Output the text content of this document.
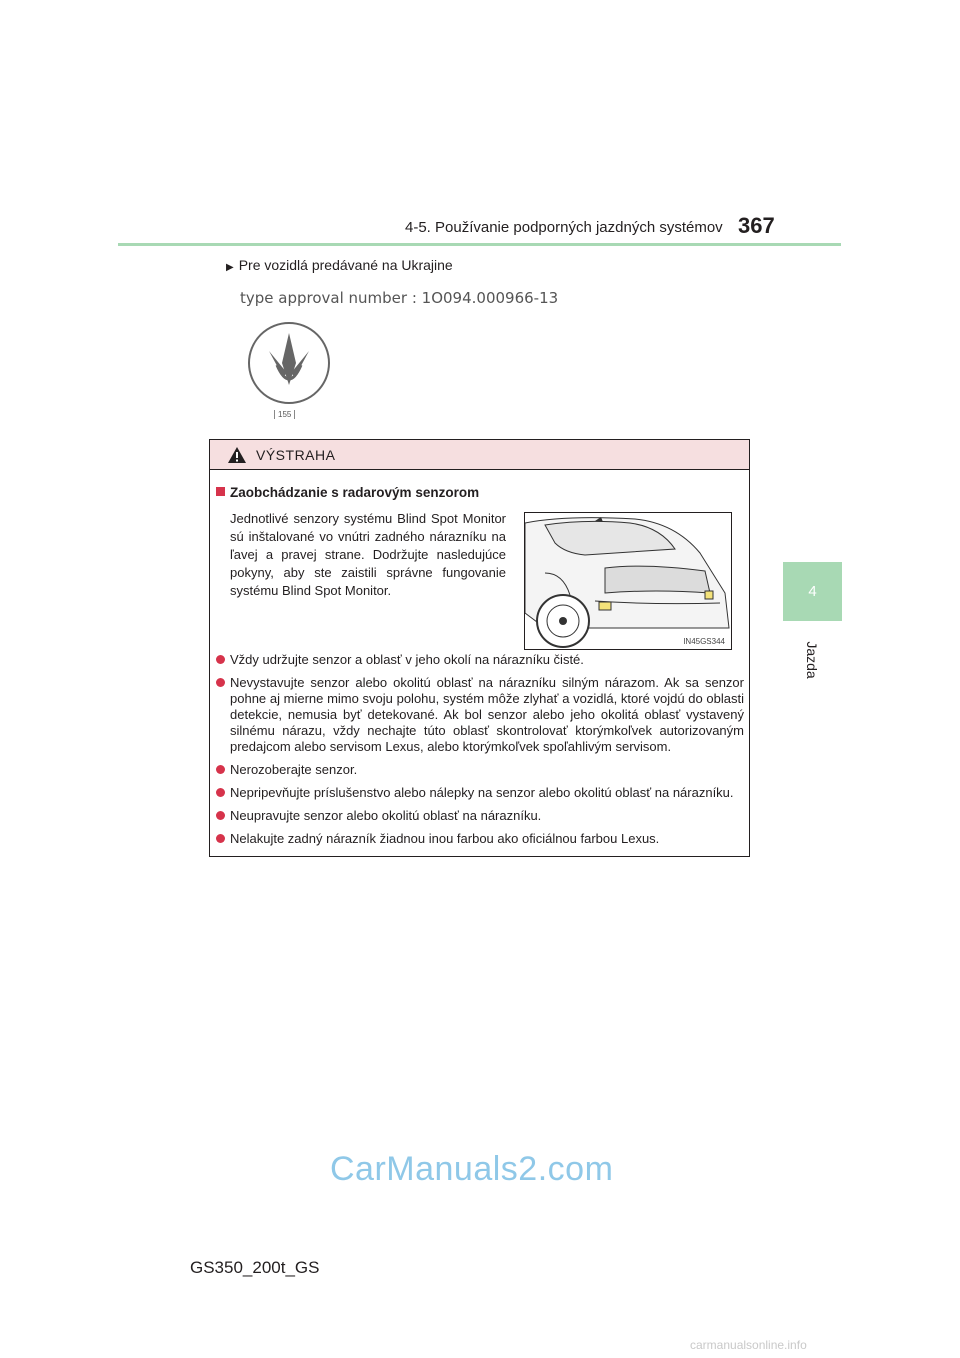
4-5. Používanie podporných jazdných systémov 367
4
Jazda
▶ Pre vozidlá predávané na Ukrajine
type approval number : 1O094.000966-13
155
VÝSTRAHA
Zaobchádzanie s radarovým senzorom

Jednotlivé senzory systému Blind Spot Monitor sú inštalované vo vnútri zadného nárazníku na ľavej a pravej strane. Dodržujte nasledujúce pokyny, aby ste zaistili správne fungovanie systému Blind Spot Monitor.

IN45GS344
Vždy udržujte senzor a oblasť v jeho okolí na nárazníku čisté.
Nevystavujte senzor alebo okolitú oblasť na nárazníku silným nárazom. Ak sa senzor pohne aj mierne mimo svoju polohu, systém môže zlyhať a vozidlá, ktoré vojdú do oblasti detekcie, nemusia byť detekované. Ak bol senzor alebo jeho okolitá oblasť vystavený silnému nárazu, vždy nechajte túto oblasť skontrolovať ktorýmkoľvek autorizovaným predajcom alebo servisom Lexus, alebo ktorýmkoľvek spoľahlivým servisom.
Nerozoberajte senzor.
Nepripevňujte príslušenstvo alebo nálepky na senzor alebo okolitú oblasť na nárazníku.
Neupravujte senzor alebo okolitú oblasť na nárazníku.
Nelakujte zadný nárazník žiadnou inou farbou ako oficiálnou farbou Lexus.
CarManuals2.com
GS350_200t_GS
carmanualsonline.info
